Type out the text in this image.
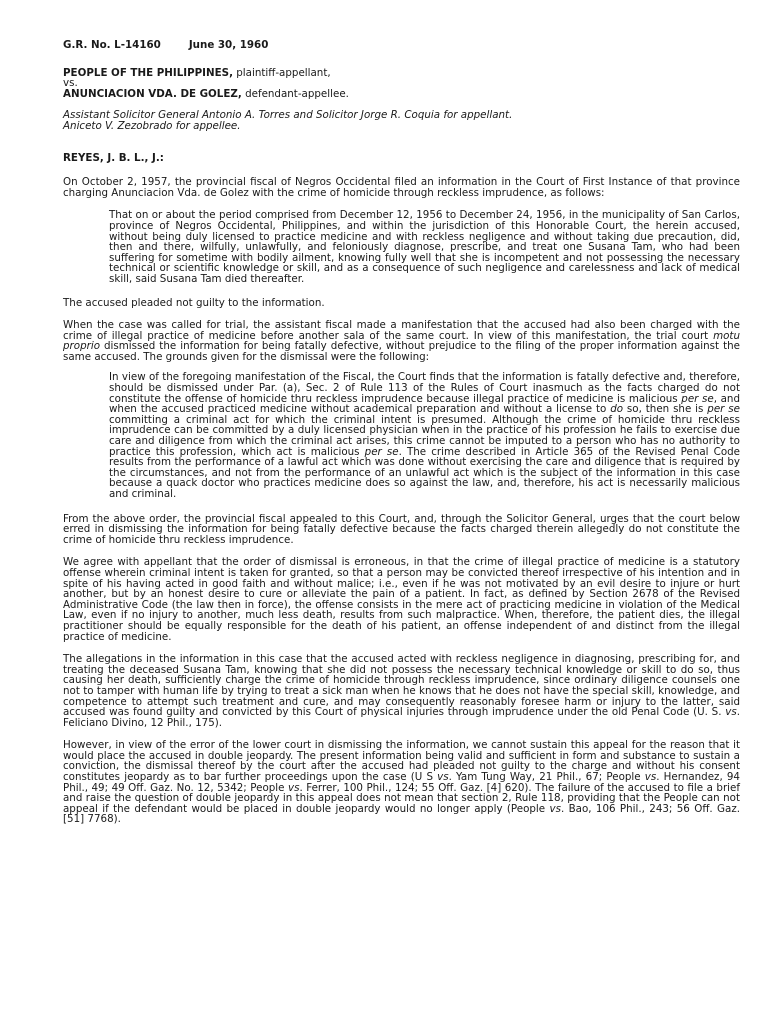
G.R. No. L-14160	June 30, 1960

PEOPLE OF THE PHILIPPINES, plaintiff-appellant,

vs.

ANUNCIACION VDA. DE GOLEZ, defendant-appellee.

Assistant Solicitor General Antonio A. Torres and Solicitor Jorge R. Coquia for appellant.

Aniceto V. Zezobrado for appellee.

REYES, J. B. L., J.:

On October 2, 1957, the provincial fiscal of Negros Occidental filed an information in the Court of First Instance of that province charging Anunciacion Vda. de Golez with the crime of homicide through reckless imprudence, as follows:

That on or about the period comprised from December 12, 1956 to December 24, 1956, in the municipality of San Carlos, province of Negros Occidental, Philippines, and within the jurisdiction of this Honorable Court, the herein accused, without being duly licensed to practice medicine and with reckless negligence and without taking due precaution, did, then and there, wilfully, unlawfully, and feloniously diagnose, prescribe, and treat one Susana Tam, who had been suffering for sometime with bodily ailment, knowing fully well that she is incompetent and not possessing the necessary technical or scientific knowledge or skill, and as a consequence of such negligence and carelessness and lack of medical skill, said Susana Tam died thereafter.

The accused pleaded not guilty to the information.

When the case was called for trial, the assistant fiscal made a manifestation that the accused had also been charged with the crime of illegal practice of medicine before another sala of the same court. In view of this manifestation, the trial court motu proprio dismissed the information for being fatally defective, without prejudice to the filing of the proper information against the same accused. The grounds given for the dismissal were the following:

In view of the foregoing manifestation of the Fiscal, the Court finds that the information is fatally defective and, therefore, should be dismissed under Par. (a), Sec. 2 of Rule 113 of the Rules of Court inasmuch as the facts charged do not constitute the offense of homicide thru reckless imprudence because illegal practice of medicine is malicious per se, and when the accused practiced medicine without academical preparation and without a license to do so, then she is per se committing a criminal act for which the criminal intent is presumed. Although the crime of homicide thru reckless imprudence can be committed by a duly licensed physician when in the practice of his profession he fails to exercise due care and diligence from which the criminal act arises, this crime cannot be imputed to a person who has no authority to practice this profession, which act is malicious per se. The crime described in Article 365 of the Revised Penal Code results from the performance of a lawful act which was done without exercising the care and diligence that is required by the circumstances, and not from the performance of an unlawful act which is the subject of the information in this case because a quack doctor who practices medicine does so against the law, and, therefore, his act is necessarily malicious and criminal.

From the above order, the provincial fiscal appealed to this Court, and, through the Solicitor General, urges that the court below erred in dismissing the information for being fatally defective because the facts charged therein allegedly do not constitute the crime of homicide thru reckless imprudence.

We agree with appellant that the order of dismissal is erroneous, in that the crime of illegal practice of medicine is a statutory offense wherein criminal intent is taken for granted, so that a person may be convicted thereof irrespective of his intention and in spite of his having acted in good faith and without malice; i.e., even if he was not motivated by an evil desire to injure or hurt another, but by an honest desire to cure or alleviate the pain of a patient. In fact, as defined by Section 2678 of the Revised Administrative Code (the law then in force), the offense consists in the mere act of practicing medicine in violation of the Medical Law, even if no injury to another, much less death, results from such malpractice. When, therefore, the patient dies, the illegal practitioner should be equally responsible for the death of his patient, an offense independent of and distinct from the illegal practice of medicine.

The allegations in the information in this case that the accused acted with reckless negligence in diagnosing, prescribing for, and treating the deceased Susana Tam, knowing that she did not possess the necessary technical knowledge or skill to do so, thus causing her death, sufficiently charge the crime of homicide through reckless imprudence, since ordinary diligence counsels one not to tamper with human life by trying to treat a sick man when he knows that he does not have the special skill, knowledge, and competence to attempt such treatment and cure, and may consequently reasonably foresee harm or injury to the latter, said accused was found guilty and convicted by this Court of physical injuries through imprudence under the old Penal Code (U. S. vs. Feliciano Divino, 12 Phil., 175).

However, in view of the error of the lower court in dismissing the information, we cannot sustain this appeal for the reason that it would place the accused in double jeopardy. The present information being valid and sufficient in form and substance to sustain a conviction, the dismissal thereof by the court after the accused had pleaded not guilty to the charge and without his consent constitutes jeopardy as to bar further proceedings upon the case (U S vs. Yam Tung Way, 21 Phil., 67; People vs. Hernandez, 94 Phil., 49; 49 Off. Gaz. No. 12, 5342; People vs. Ferrer, 100 Phil., 124; 55 Off. Gaz. [4] 620). The failure of the accused to file a brief and raise the question of double jeopardy in this appeal does not mean that section 2, Rule 118, providing that the People can not appeal if the defendant would be placed in double jeopardy would no longer apply (People vs. Bao, 106 Phil., 243; 56 Off. Gaz. [51] 7768).
